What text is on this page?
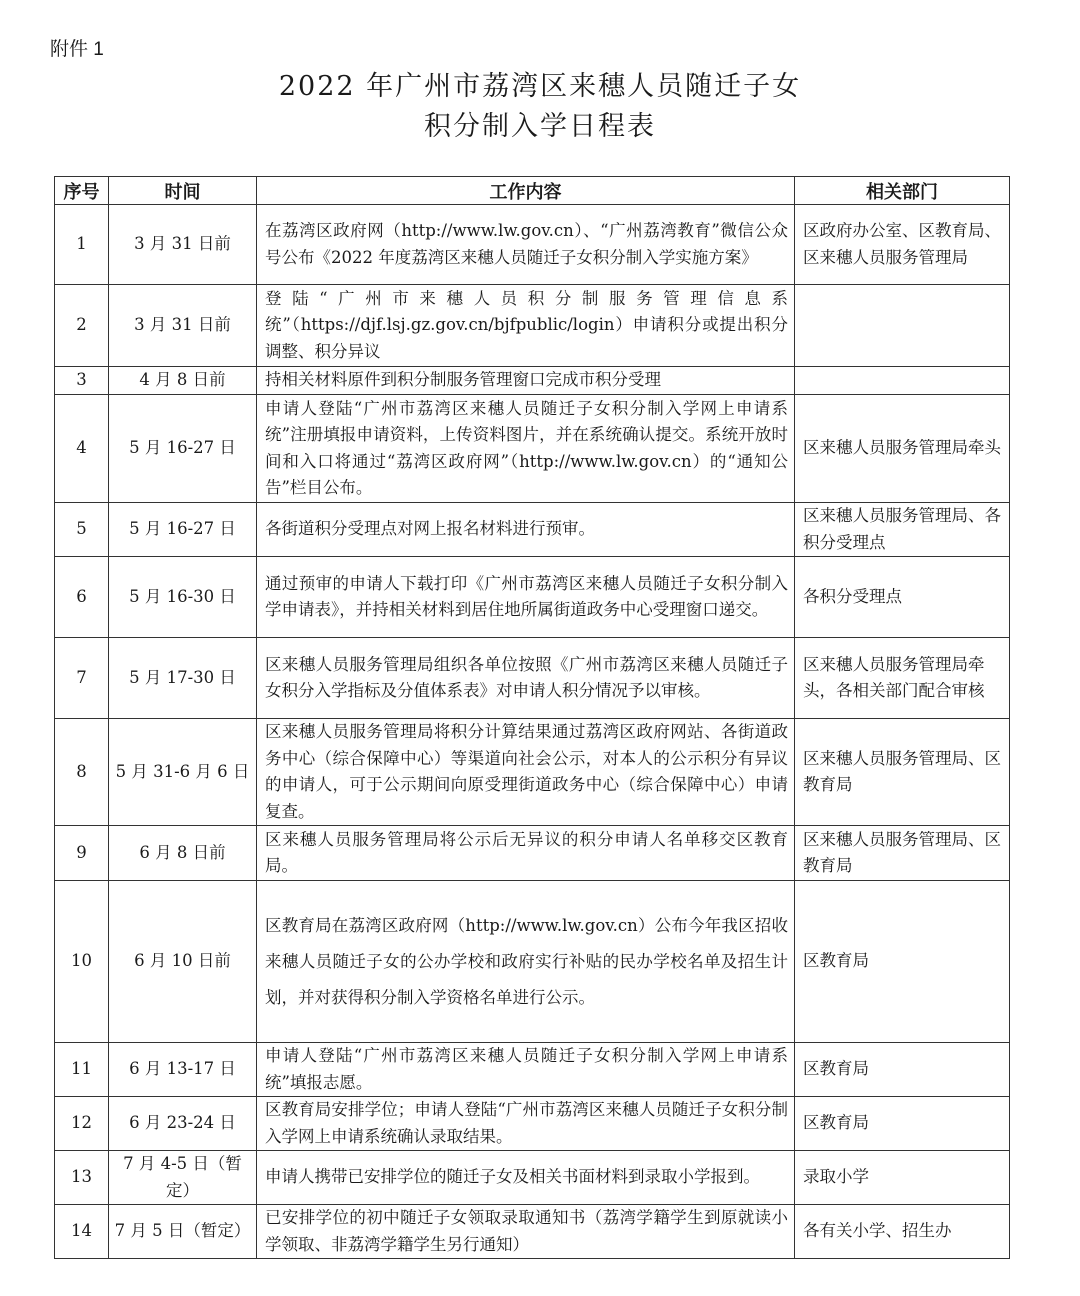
附件 1
2022 年广州市荔湾区来穗人员随迁子女
积分制入学日程表
序号	时间	工作内容	相关部门
1	3 月 31 日前	在荔湾区政府网（http://www.lw.gov.cn）、“广州荔湾教育”微信公众号公布《2022 年度荔湾区来穗人员随迁子女积分制入学实施方案》	区政府办公室、区教育局、区来穗人员服务管理局
2	3 月 31 日前	登陆“广州市来穗人员积分制服务管理信息系统”（https://djf.lsj.gz.gov.cn/bjfpublic/login）申请积分或提出积分调整、积分异议	
3	4 月 8 日前	持相关材料原件到积分制服务管理窗口完成市积分受理	
4	5 月 16-27 日	申请人登陆“广州市荔湾区来穗人员随迁子女积分制入学网上申请系统”注册填报申请资料，上传资料图片，并在系统确认提交。系统开放时间和入口将通过“荔湾区政府网”（http://www.lw.gov.cn）的“通知公告”栏目公布。	区来穗人员服务管理局牵头
5	5 月 16-27 日	各街道积分受理点对网上报名材料进行预审。	区来穗人员服务管理局、各积分受理点
6	5 月 16-30 日	通过预审的申请人下载打印《广州市荔湾区来穗人员随迁子女积分制入学申请表》，并持相关材料到居住地所属街道政务中心受理窗口递交。	各积分受理点
7	5 月 17-30 日	区来穗人员服务管理局组织各单位按照《广州市荔湾区来穗人员随迁子女积分入学指标及分值体系表》对申请人积分情况予以审核。	区来穗人员服务管理局牵头，各相关部门配合审核
8	5 月 31-6 月 6 日	区来穗人员服务管理局将积分计算结果通过荔湾区政府网站、各街道政务中心（综合保障中心）等渠道向社会公示，对本人的公示积分有异议的申请人，可于公示期间向原受理街道政务中心（综合保障中心）申请复查。	区来穗人员服务管理局、区教育局
9	6 月 8 日前	区来穗人员服务管理局将公示后无异议的积分申请人名单移交区教育局。	区来穗人员服务管理局、区教育局
10	6 月 10 日前	区教育局在荔湾区政府网（http://www.lw.gov.cn）公布今年我区招收来穗人员随迁子女的公办学校和政府实行补贴的民办学校名单及招生计划，并对获得积分制入学资格名单进行公示。	区教育局
11	6 月 13-17 日	申请人登陆“广州市荔湾区来穗人员随迁子女积分制入学网上申请系统”填报志愿。	区教育局
12	6 月 23-24 日	区教育局安排学位；申请人登陆“广州市荔湾区来穗人员随迁子女积分制入学网上申请系统确认录取结果。	区教育局
13	7 月 4-5 日（暂定）	申请人携带已安排学位的随迁子女及相关书面材料到录取小学报到。	录取小学
14	7 月 5 日（暂定）	已安排学位的初中随迁子女领取录取通知书（荔湾学籍学生到原就读小学领取、非荔湾学籍学生另行通知）	各有关小学、招生办
